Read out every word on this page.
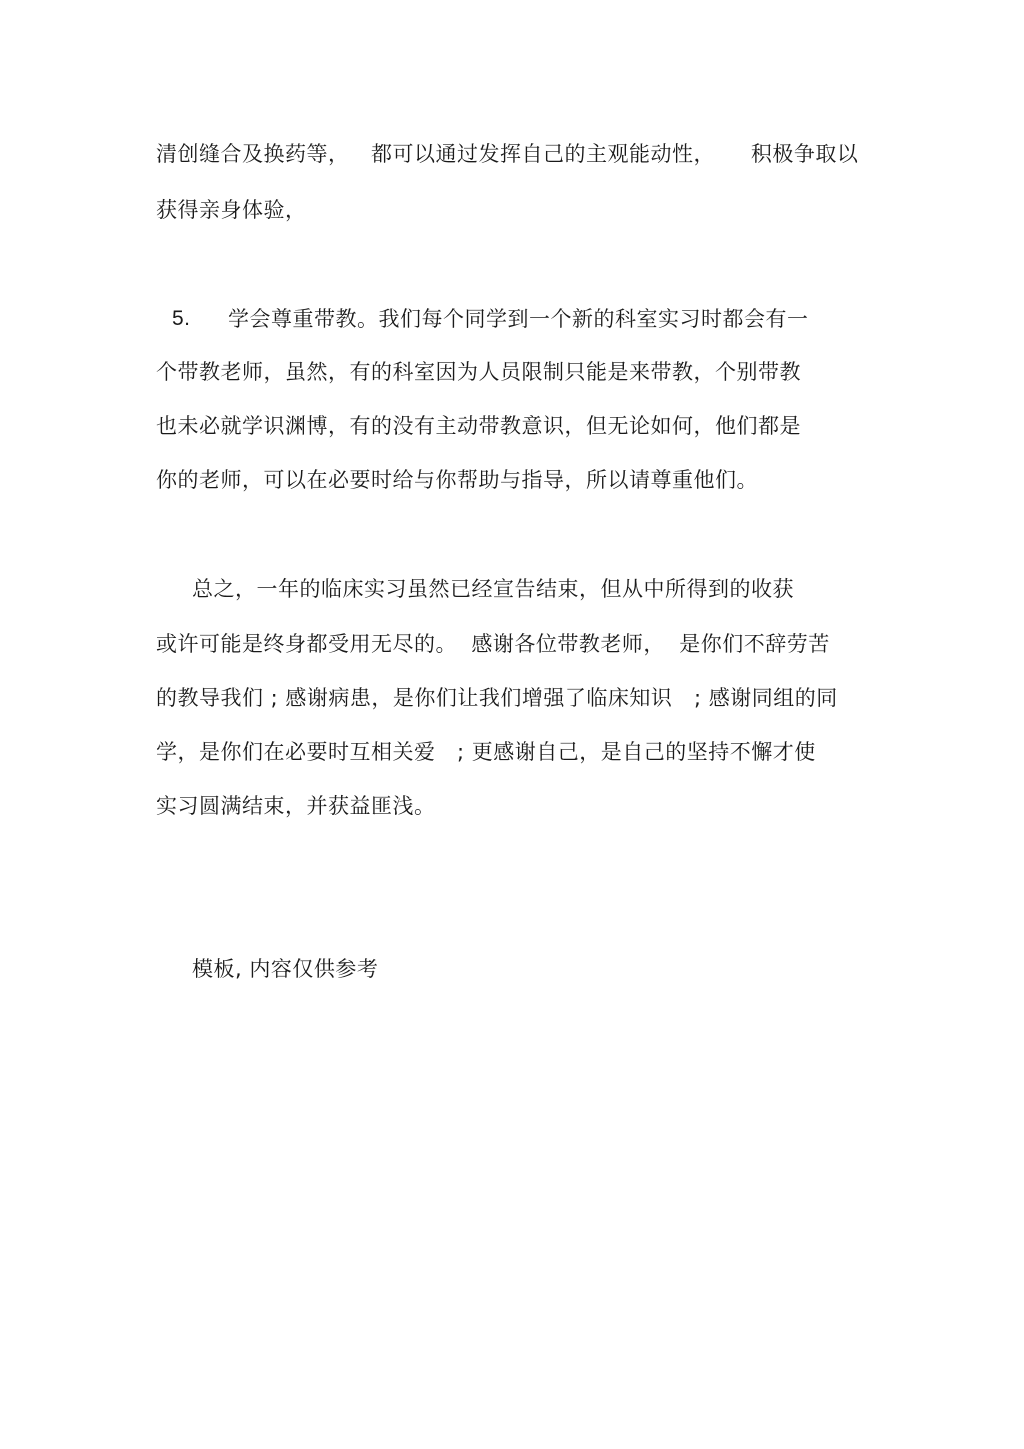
清创缝合及换药等，   都可以通过发挥自己的主观能动性，     积极争取以
获得亲身体验，
5. 学会尊重带教。我们每个同学到一个新的科室实习时都会有一
个带教老师，虽然，有的科室因为人员限制只能是来带教，个别带教
也未必就学识渊博，有的没有主动带教意识，但无论如何，他们都是
你的老师，可以在必要时给与你帮助与指导，所以请尊重他们。
总之，一年的临床实习虽然已经宣告结束，但从中所得到的收获
或许可能是终身都受用无尽的。  感谢各位带教老师，  是你们不辞劳苦
的教导我们 ; 感谢病患，是你们让我们增强了临床知识   ; 感谢同组的同
学，是你们在必要时互相关爱   ; 更感谢自己，是自己的坚持不懈才使
实习圆满结束，并获益匪浅。
模板, 内容仅供参考
